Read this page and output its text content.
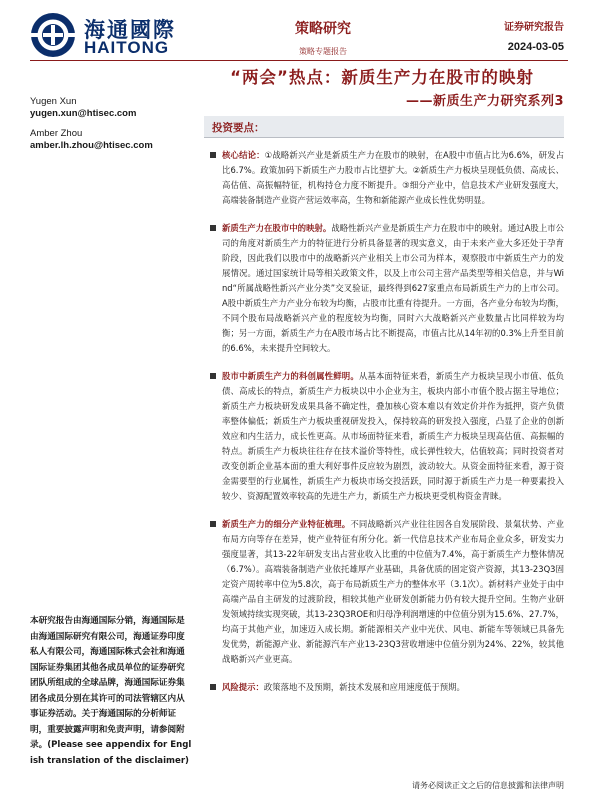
海通國際
HAITONG
策略研究
策略专题报告
证券研究报告
2024-03-05
“两会”热点：新质生产力在股市的映射
——新质生产力研究系列3
Yugen Xun
yugen.xun@htisec.com
Amber Zhou
amber.lh.zhou@htisec.com
投资要点：
核心结论：①战略新兴产业是新质生产力在股市的映射，在A股中市值占比为6.6%，研发占比6.7%。政策加码下新质生产力股市占比望扩大。②新质生产力板块呈现低负债、高成长、高估值、高振幅特征，机构持仓力度不断提升。③细分产业中，信息技术产业研发强度大，高端装备制造产业资产营运效率高，生物和新能源产业成长性优势明显。
新质生产力在股市中的映射。战略性新兴产业是新质生产力在股市中的映射。通过A股上市公司的角度对新质生产力的特征进行分析具备显著的现实意义，由于未来产业大多还处于孕育阶段，因此我们以股市中的战略新兴产业相关上市公司为样本，观察股市中新质生产力的发展情况。通过国家统计局等相关政策文件，以及上市公司主营产品类型等相关信息，并与Wind“所属战略性新兴产业分类”交叉验证，最终得到627家重点布局新质生产力的上市公司。A股中新质生产力产业分布较为均衡，占股市比重有待提升。一方面，各产业分布较为均衡，不同个股布局战略新兴产业的程度较为均衡，同时六大战略新兴产业数量占比同样较为均衡；另一方面，新质生产力在A股市场占比不断提高，市值占比从14年初的0.3%上升至目前的6.6%，未来提升空间较大。
股市中新质生产力的科创属性鲜明。从基本面特征来看，新质生产力板块呈现小市值、低负债、高成长的特点，新质生产力板块以中小企业为主，板块内部小市值个股占据主导地位；新质生产力板块研发成果具备不确定性，叠加核心资本难以有效定价并作为抵押，资产负债率整体偏低；新质生产力板块重视研发投入，保持较高的研发投入强度，凸显了企业的创新效应和内生活力，成长性更高。从市场面特征来看，新质生产力板块呈现高估值、高振幅的特点。新质生产力板块往往存在技术溢价等特性，成长弹性较大，估值较高；同时投资者对改变创新企业基本面的重大利好事件反应较为剧烈，波动较大。从资金面特征来看，源于资金需要型的行业属性，新质生产力板块市场交投活跃，同时源于新质生产力是一种要素投入较少、资源配置效率较高的先进生产力，新质生产力板块更受机构资金青睐。
新质生产力的细分产业特征梳理。不同战略新兴产业往往因各自发展阶段、景氣状势、产业布局方向等存在差异，使产业特征有所分化。新一代信息技术产业布局企业众多，研发实力强度显著，其13-22年研发支出占营业收入比重的中位值为7.4%，高于新质生产力整体情况（6.7%）。高端装备制造产业依托雄厚产业基础，具备优质的固定资产资源，其13-23Q3固定资产周转率中位为5.8次，高于布局新质生产力的整体水平（3.1次）。新材料产业处于由中高端产品自主研发的过渡阶段，相较其他产业研发创新能力仍有较大提升空间。生物产业研发领域持续实现突破，其13-23Q3ROE和归母净利润增速的中位值分别为15.6%、27.7%，均高于其他产业，加速迈入成长期。新能源相关产业中光伏、风电、新能车等领域已具备先发优势，新能源产业、新能源汽车产业13-23Q3营收增速中位值分别为24%、22%，较其他战略新兴产业更高。
风险提示：政策落地不及预期，新技术发展和应用速度低于预期。
本研究报告由海通国际分销，海通国际是由海通国际研究有限公司，海通证券印度私人有限公司，海通国际株式会社和海通国际证券集团其他各成员单位的证券研究团队所组成的全球品牌，海通国际证券集团各成员分别在其许可的司法管辖区内从事证券活动。关于海通国际的分析师证明，重要披露声明和免责声明，请参阅附录。(Please see appendix for English translation of the disclaimer)
请务必阅读正文之后的信息披露和法律声明
